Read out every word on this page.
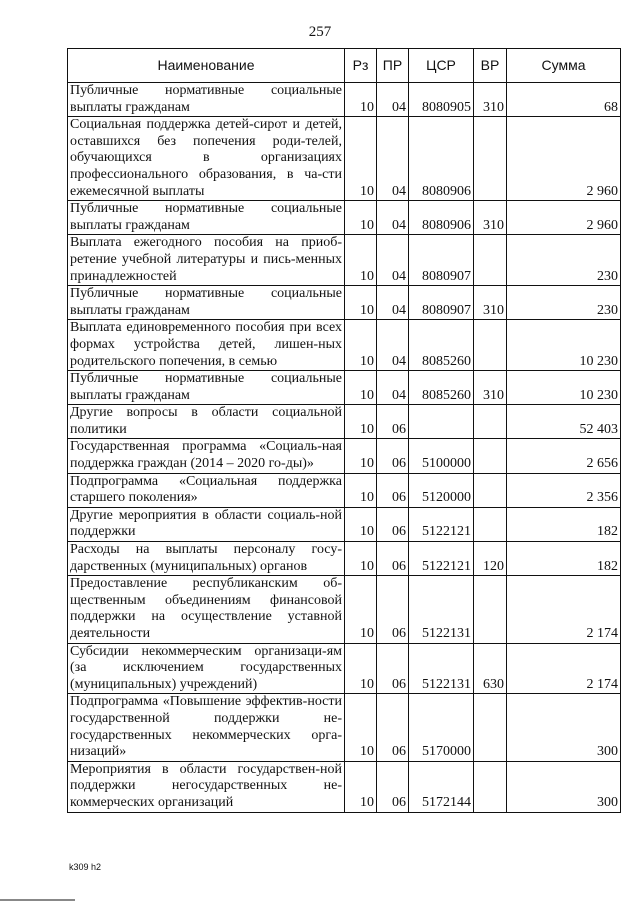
257
Наименование	Рз	ПР	ЦСР	ВР	Сумма
Публичные нормативные социальные выплаты гражданам	10	04	8080905	310	68
Социальная поддержка детей-сирот и детей, оставшихся без попечения роди-телей, обучающихся в организациях профессионального образования, в ча-сти ежемесячной выплаты	10	04	8080906		2 960
Публичные нормативные социальные выплаты гражданам	10	04	8080906	310	2 960
Выплата ежегодного пособия на приоб-ретение учебной литературы и пись-менных принадлежностей	10	04	8080907		230
Публичные нормативные социальные выплаты гражданам	10	04	8080907	310	230
Выплата единовременного пособия при всех формах устройства детей, лишен-ных родительского попечения, в семью	10	04	8085260		10 230
Публичные нормативные социальные выплаты гражданам	10	04	8085260	310	10 230
Другие вопросы в области социальной политики	10	06			52 403
Государственная программа «Социаль-ная поддержка граждан (2014 – 2020 го-ды)»	10	06	5100000		2 656
Подпрограмма «Социальная поддержка старшего поколения»	10	06	5120000		2 356
Другие мероприятия в области социаль-ной поддержки	10	06	5122121		182
Расходы на выплаты персоналу госу-дарственных (муниципальных) органов	10	06	5122121	120	182
Предоставление республиканским об-щественным объединениям финансовой поддержки на осуществление уставной деятельности	10	06	5122131		2 174
Субсидии некоммерческим организаци-ям (за исключением государственных (муниципальных) учреждений)	10	06	5122131	630	2 174
Подпрограмма «Повышение эффектив-ности государственной поддержки не-государственных некоммерческих орга-низаций»	10	06	5170000		300
Мероприятия в области государствен-ной поддержки негосударственных не-коммерческих организаций	10	06	5172144		300
k309 h2
